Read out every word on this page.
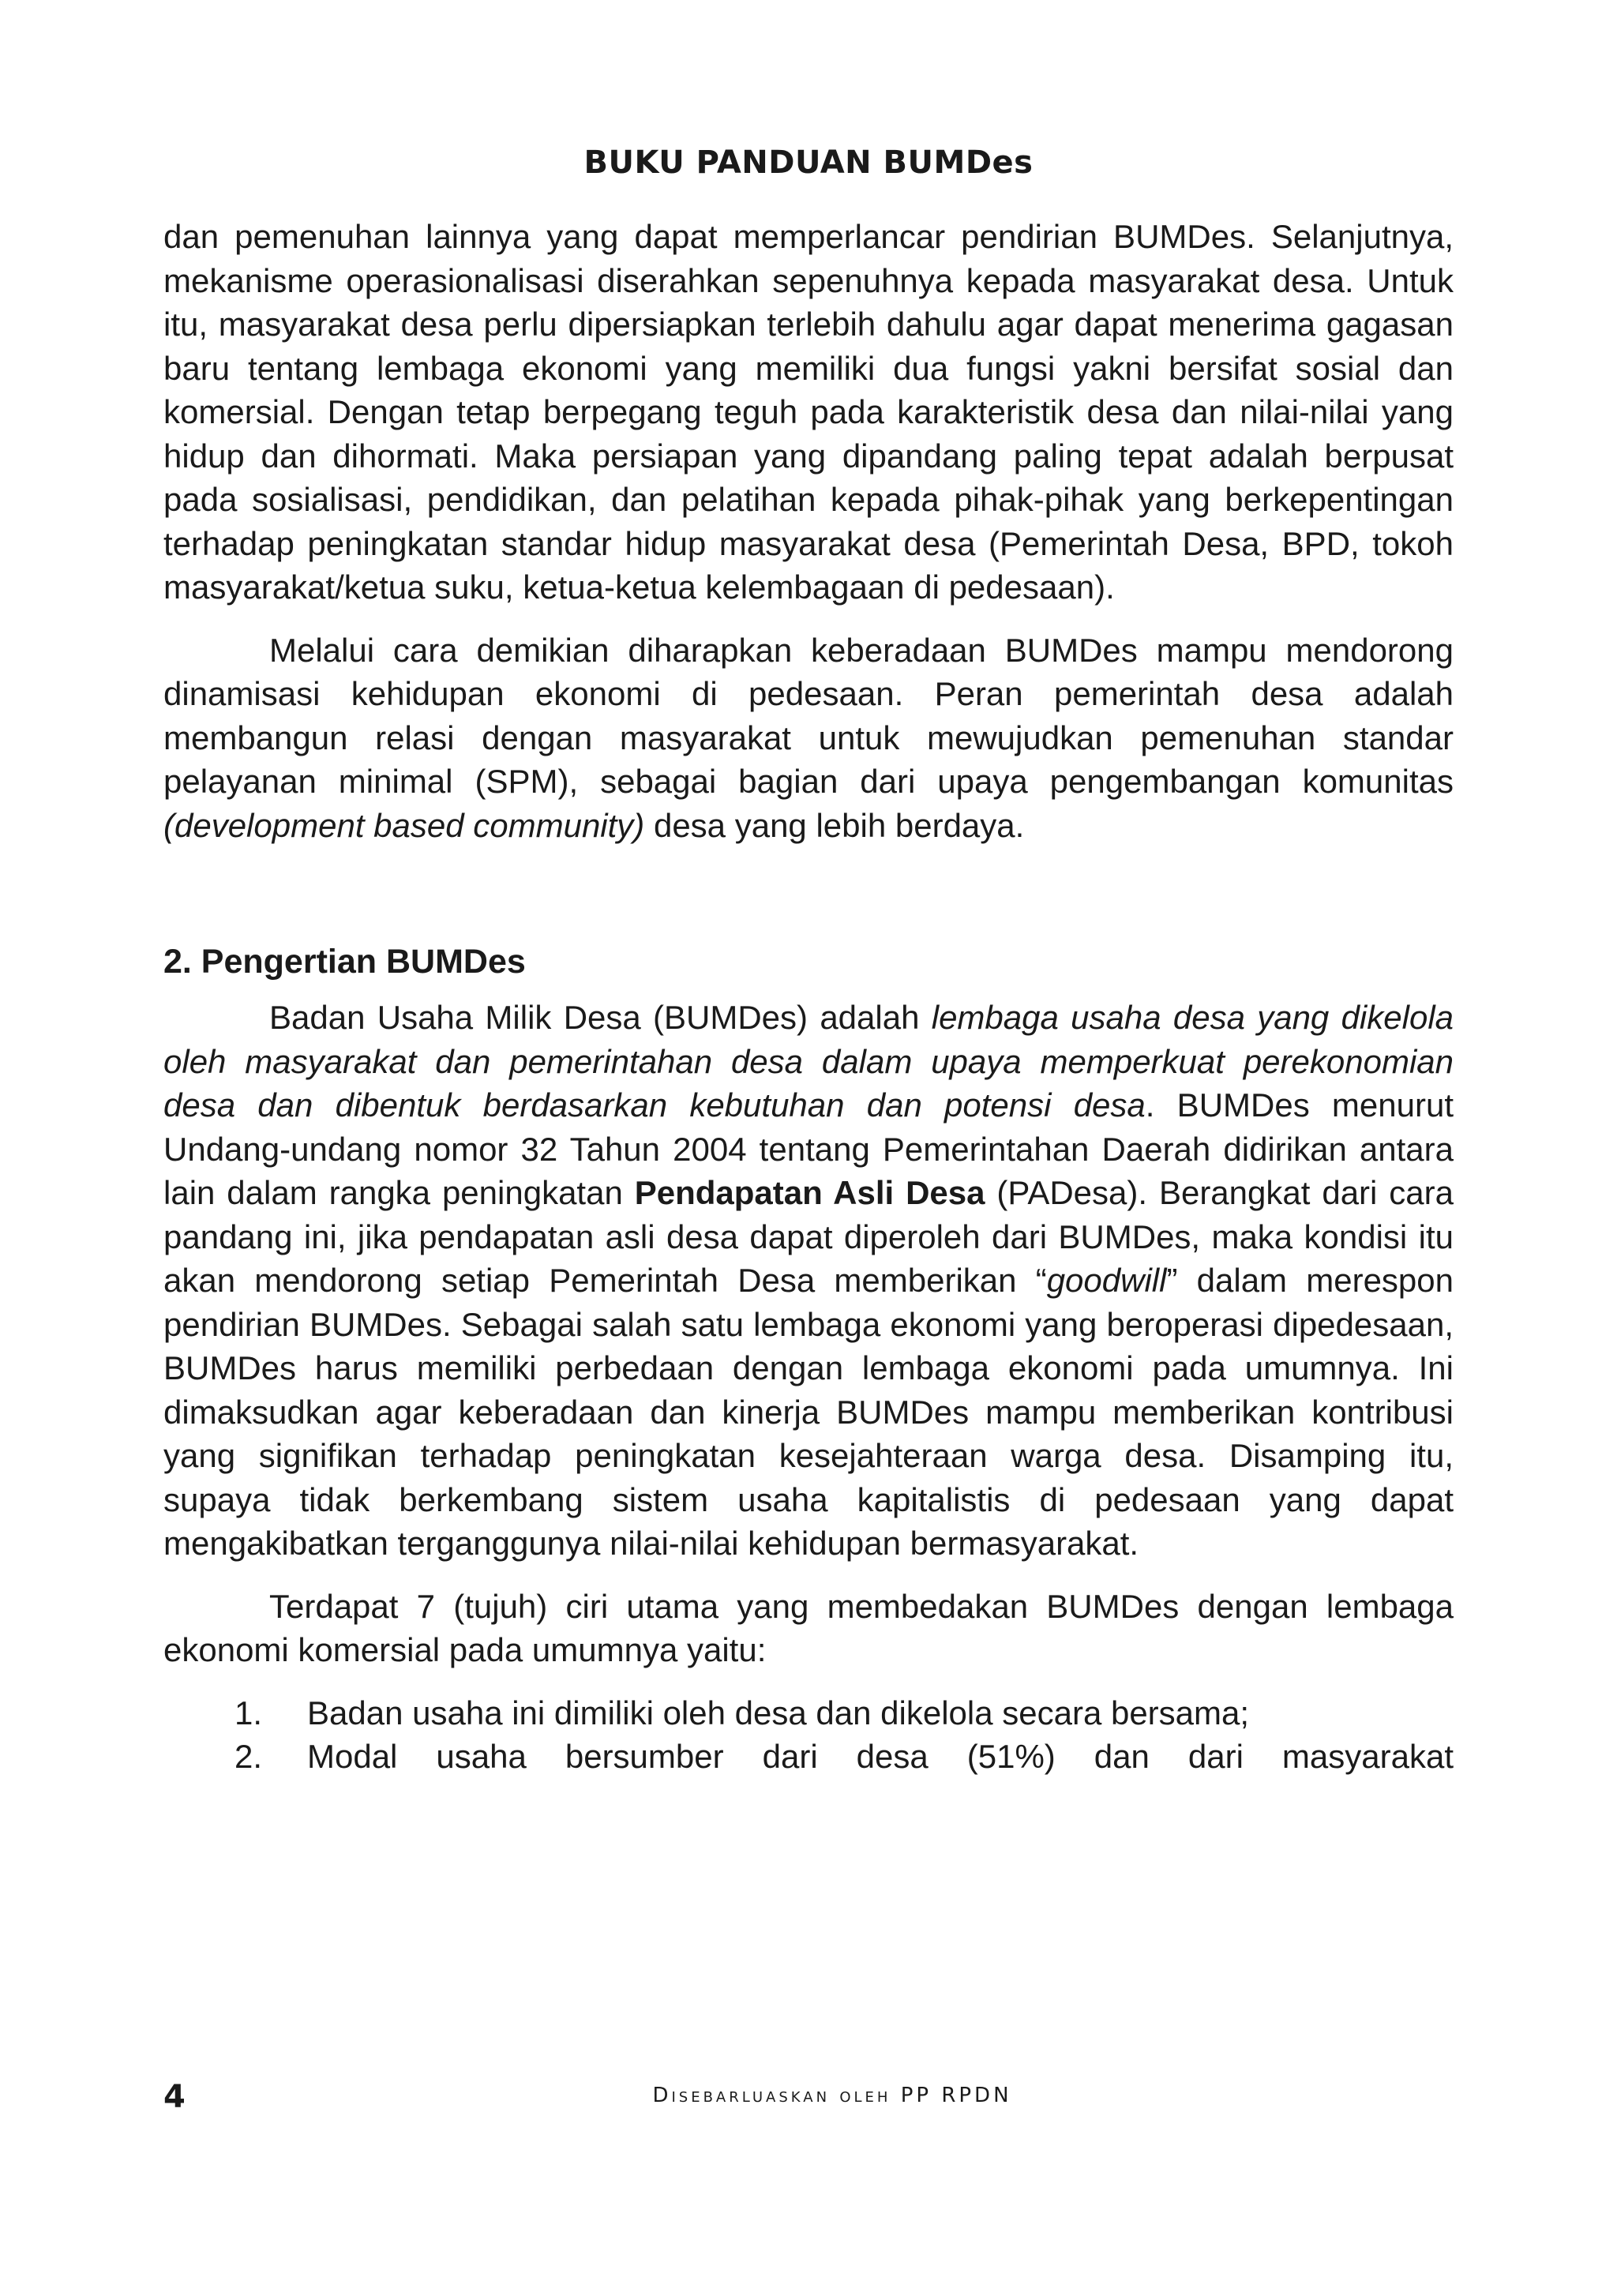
BUKU PANDUAN BUMDes

dan pemenuhan lainnya yang dapat memperlancar pendirian BUMDes. Selanjutnya, mekanisme operasionalisasi diserahkan sepenuhnya kepada masyarakat desa. Untuk itu, masyarakat desa perlu dipersiapkan terlebih dahulu agar dapat menerima gagasan baru tentang lembaga ekonomi yang memiliki dua fungsi yakni bersifat sosial dan komersial. Dengan tetap berpegang teguh pada karakteristik desa dan nilai-nilai yang hidup dan dihormati. Maka persiapan yang dipandang paling tepat adalah berpusat pada sosialisasi, pendidikan, dan pelatihan kepada pihak-pihak yang berkepentingan terhadap peningkatan standar hidup masyarakat desa (Pemerintah Desa, BPD, tokoh masyarakat/ketua suku, ketua-ketua kelembagaan di pedesaan).

Melalui cara demikian diharapkan keberadaan BUMDes mampu mendorong dinamisasi kehidupan ekonomi di pedesaan. Peran pemerintah desa adalah membangun relasi dengan masyarakat untuk mewujudkan pemenuhan standar pelayanan minimal (SPM), sebagai bagian dari upaya pengembangan komunitas (development based community) desa yang lebih berdaya.

2. Pengertian BUMDes

Badan Usaha Milik Desa (BUMDes) adalah lembaga usaha desa yang dikelola oleh masyarakat dan pemerintahan desa dalam upaya memperkuat perekonomian desa dan dibentuk berdasarkan kebutuhan dan potensi desa. BUMDes menurut Undang-undang nomor 32 Tahun 2004 tentang Pemerintahan Daerah didirikan antara lain dalam rangka peningkatan Pendapatan Asli Desa (PADesa). Berangkat dari cara pandang ini, jika pendapatan asli desa dapat diperoleh dari BUMDes, maka kondisi itu akan mendorong setiap Pemerintah Desa memberikan “goodwill” dalam merespon pendirian BUMDes. Sebagai salah satu lembaga ekonomi yang beroperasi dipedesaan, BUMDes harus memiliki perbedaan dengan lembaga ekonomi pada umumnya. Ini dimaksudkan agar keberadaan dan kinerja BUMDes mampu memberikan kontribusi yang signifikan terhadap peningkatan kesejahteraan warga desa. Disamping itu, supaya tidak berkembang sistem usaha kapitalistis di pedesaan yang dapat mengakibatkan terganggunya nilai-nilai kehidupan bermasyarakat.

Terdapat 7 (tujuh) ciri utama yang membedakan BUMDes dengan lembaga ekonomi komersial pada umumnya yaitu:

1.	Badan usaha ini dimiliki oleh desa dan dikelola secara bersama;
2.	Modal usaha bersumber dari desa (51%) dan dari masyarakat
4	Disebarluaskan oleh PP RPDN
